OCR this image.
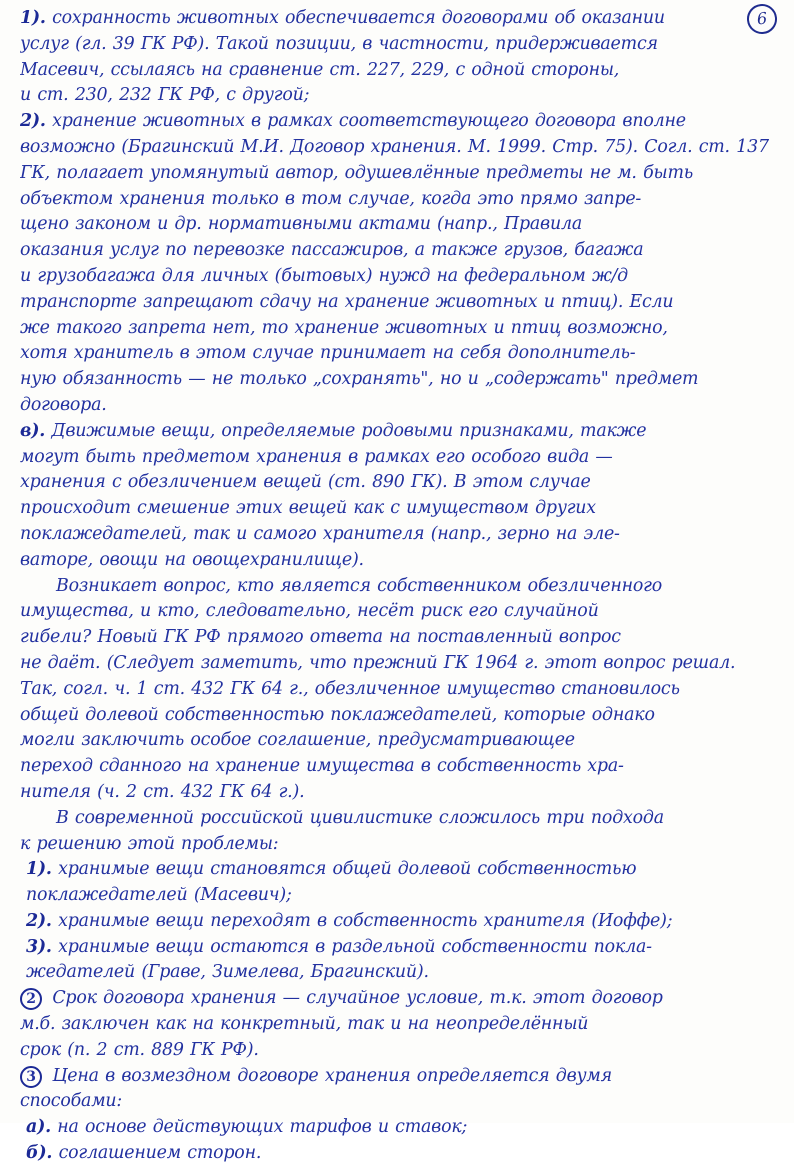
6
1). сохранность животных обеспечивается договорами об оказании
услуг (гл. 39 ГК РФ). Такой позиции, в частности, придерживается
Масевич, ссылаясь на сравнение ст. 227, 229, с одной стороны,
и ст. 230, 232 ГК РФ, с другой;
2). хранение животных в рамках соответствующего договора вполне
возможно (Брагинский М.И. Договор хранения. М. 1999. Стр. 75). Согл. ст. 137
ГК, полагает упомянутый автор, одушевлённые предметы не м. быть
объектом хранения только в том случае, когда это прямо запре-
щено законом и др. нормативными актами (напр., Правила
оказания услуг по перевозке пассажиров, а также грузов, багажа
и грузобагажа для личных (бытовых) нужд на федеральном ж/д
транспорте запрещают сдачу на хранение животных и птиц). Если
же такого запрета нет, то хранение животных и птиц возможно,
хотя хранитель в этом случае принимает на себя дополнитель-
ную обязанность — не только „сохранять", но и „содержать" предмет
договора.
в). Движимые вещи, определяемые родовыми признаками, также
могут быть предметом хранения в рамках его особого вида —
хранения с обезличением вещей (ст. 890 ГК). В этом случае
происходит смешение этих вещей как с имуществом других
поклажедателей, так и самого хранителя (напр., зерно на эле-
ваторе, овощи на овощехранилище).
Возникает вопрос, кто является собственником обезличенного
имущества, и кто, следовательно, несёт риск его случайной
гибели? Новый ГК РФ прямого ответа на поставленный вопрос
не даёт. (Следует заметить, что прежний ГК 1964 г. этот вопрос решал.
Так, согл. ч. 1 ст. 432 ГК 64 г., обезличенное имущество становилось
общей долевой собственностью поклажедателей, которые однако
могли заключить особое соглашение, предусматривающее
переход сданного на хранение имущества в собственность хра-
нителя (ч. 2 ст. 432 ГК 64 г.).
В современной российской цивилистике сложилось три подхода
к решению этой проблемы:
1). хранимые вещи становятся общей долевой собственностью
поклажедателей (Масевич);
2). хранимые вещи переходят в собственность хранителя (Иоффе);
3). хранимые вещи остаются в раздельной собственности покла-
жедателей (Граве, Зимелева, Брагинский).
2 Срок договора хранения — случайное условие, т.к. этот договор
м.б. заключен как на конкретный, так и на неопределённый
срок (п. 2 ст. 889 ГК РФ).
3 Цена в возмездном договоре хранения определяется двумя
способами:
а). на основе действующих тарифов и ставок;
б). соглашением сторон.
